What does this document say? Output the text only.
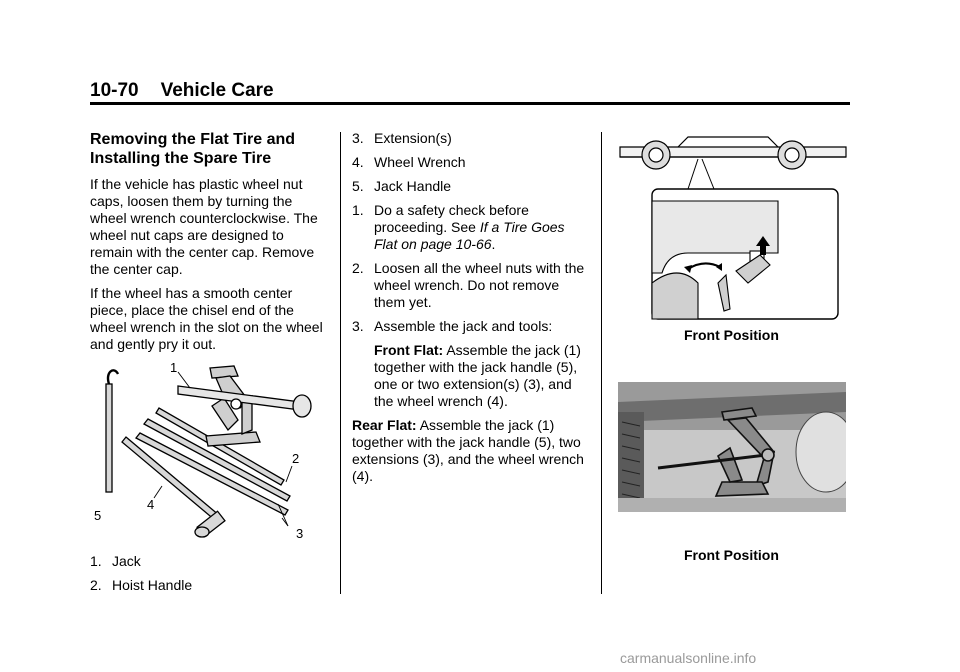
10-70 Vehicle Care
Removing the Flat Tire and Installing the Spare Tire

If the vehicle has plastic wheel nut caps, loosen them by turning the wheel wrench counterclockwise. The wheel nut caps are designed to remain with the center cap. Remove the center cap.

If the wheel has a smooth center piece, place the chisel end of the wheel wrench in the slot on the wheel and gently pry it out.

1
2
3
4
5
1. Jack
2. Hoist Handle
3. Extension(s)
4. Wheel Wrench
5. Jack Handle
1. Do a safety check before proceeding. See If a Tire Goes Flat on page 10-66.
2. Loosen all the wheel nuts with the wheel wrench. Do not remove them yet.
3. Assemble the jack and tools:
Front Flat: Assemble the jack (1) together with the jack handle (5), one or two extension(s) (3), and the wheel wrench (4).
Rear Flat: Assemble the jack (1) together with the jack handle (5), two extensions (3), and the wheel wrench (4).
Front Position
Front Position
carmanualsonline.info
